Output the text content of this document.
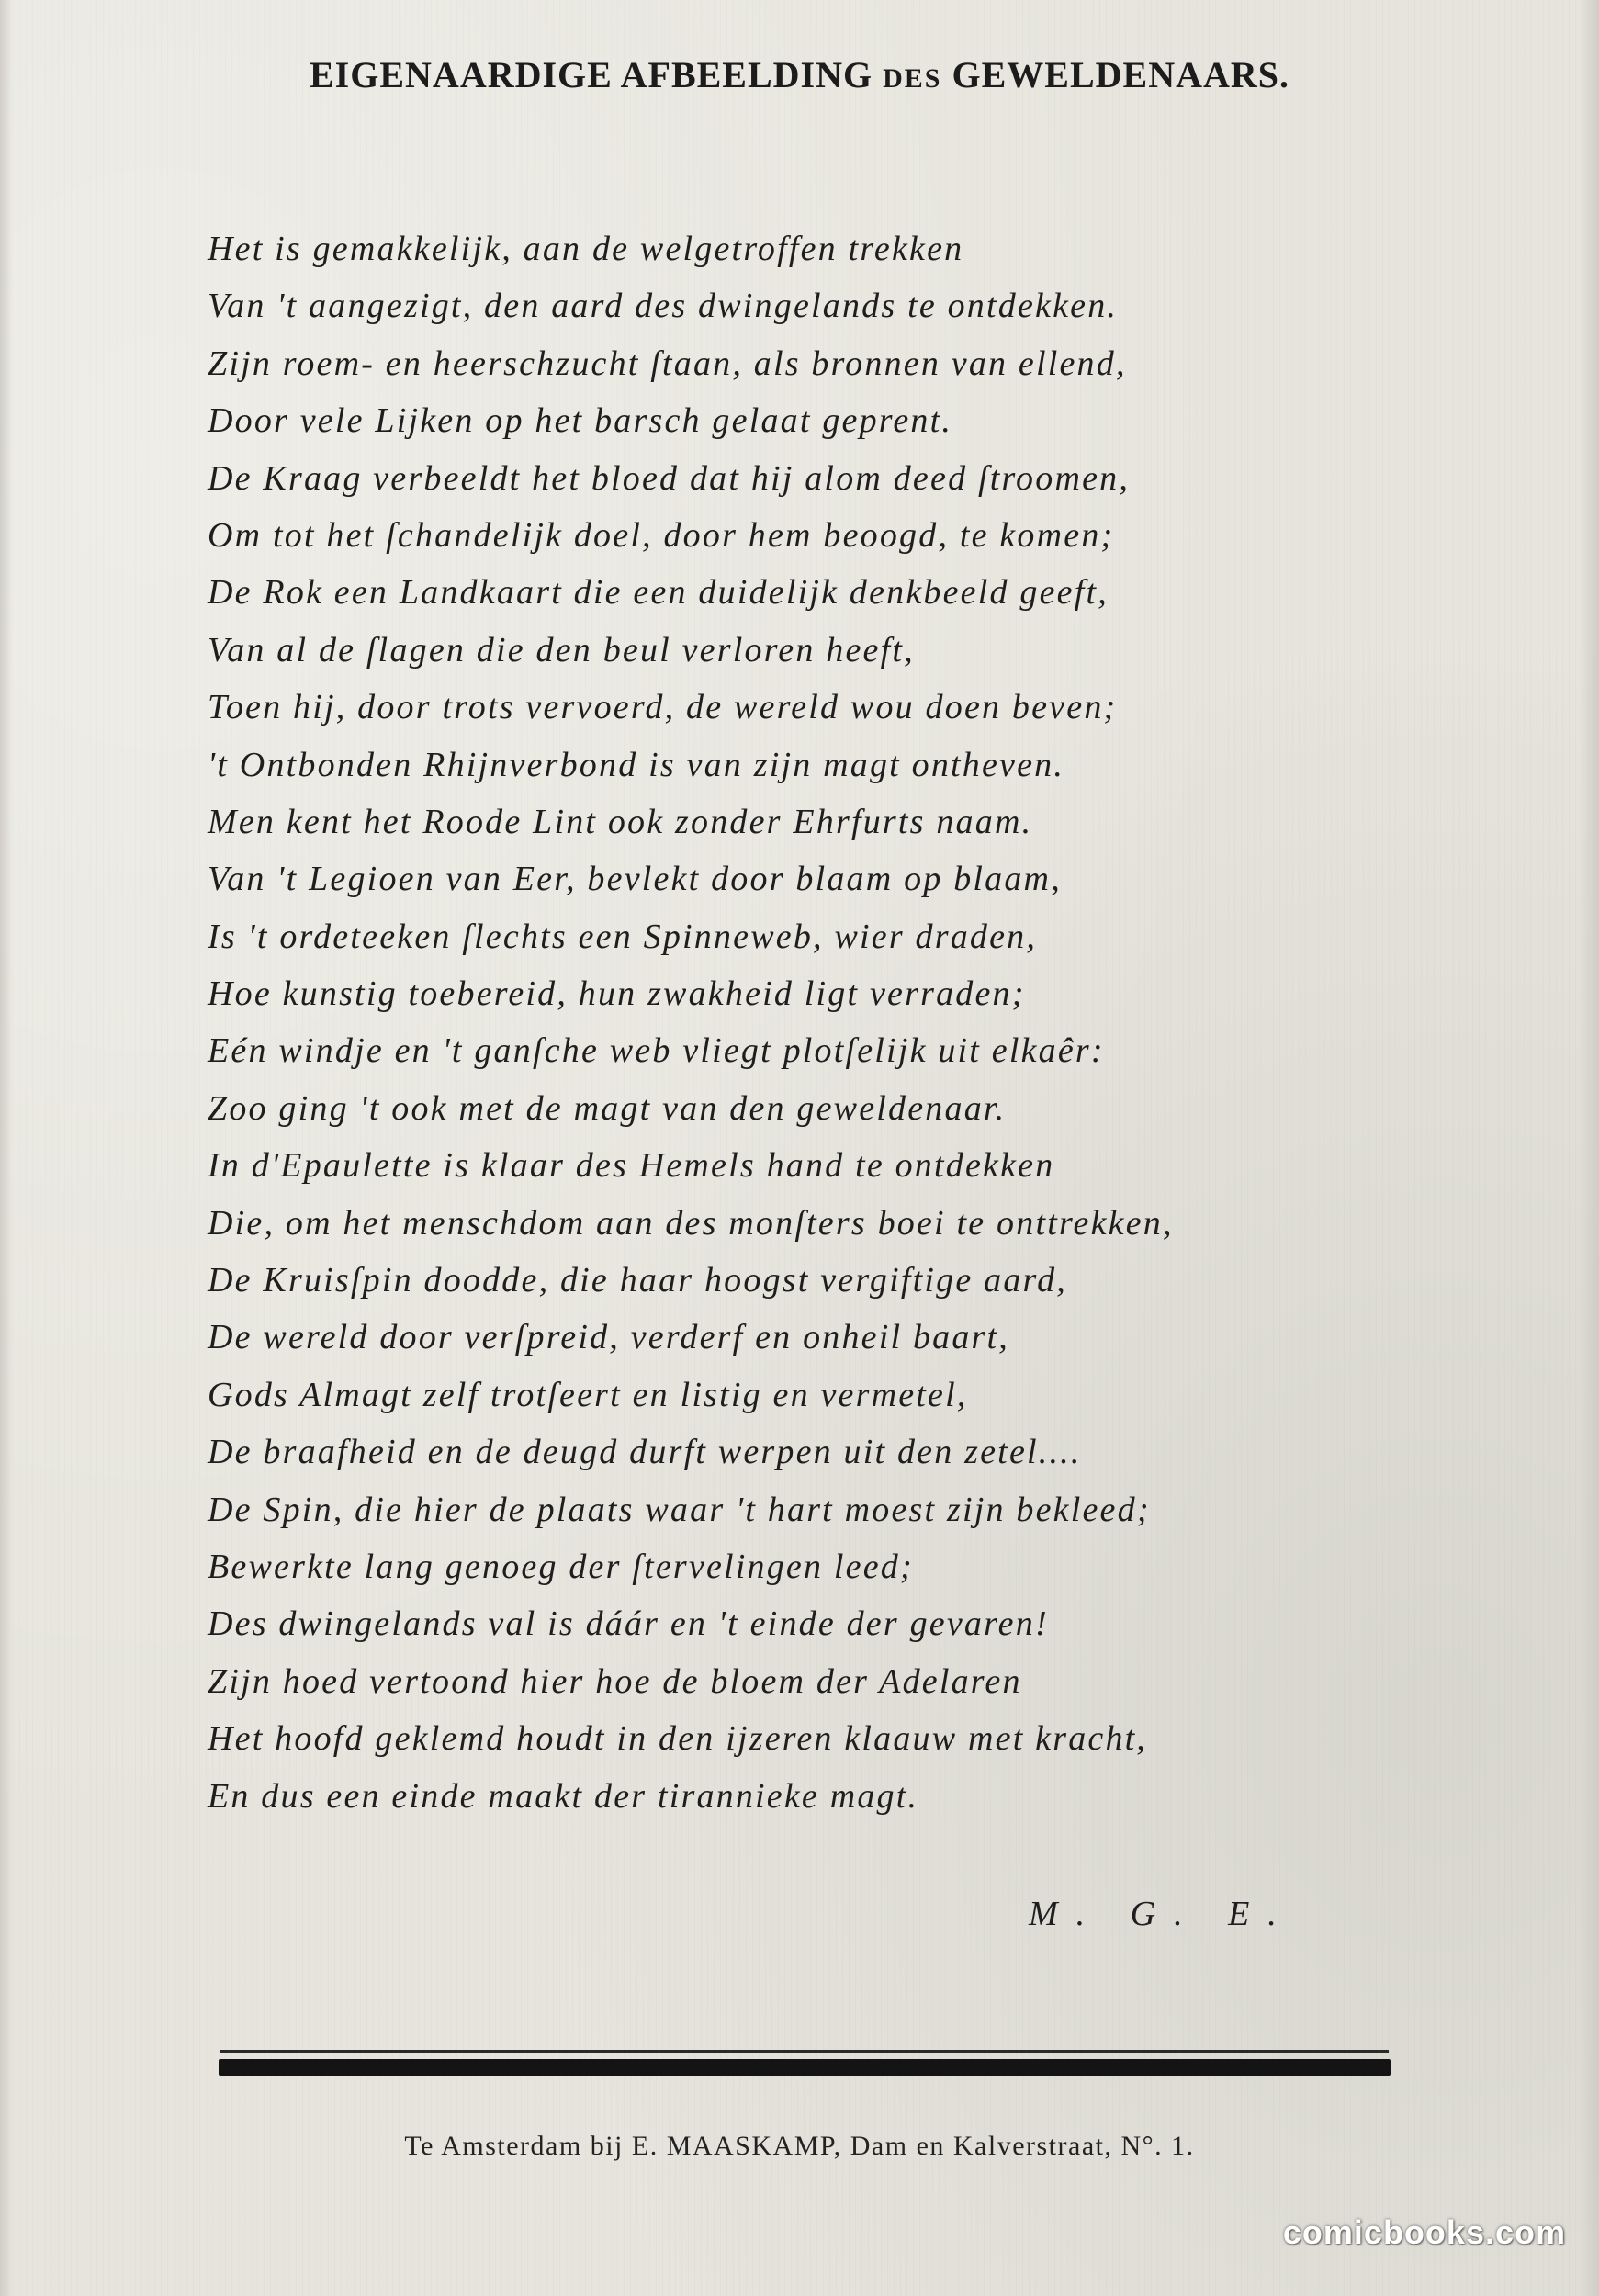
EIGENAARDIGE AFBEELDING DES GEWELDENAARS.
Het is gemakkelijk, aan de welgetroffen trekken
Van 't aangezigt, den aard des dwingelands te ontdekken.
Zijn roem- en heerschzucht ſtaan, als bronnen van ellend,
Door vele Lijken op het barsch gelaat geprent.
De Kraag verbeeldt het bloed dat hij alom deed ſtroomen,
Om tot het ſchandelijk doel, door hem beoogd, te komen;
De Rok een Landkaart die een duidelijk denkbeeld geeft,
Van al de ſlagen die den beul verloren heeft,
Toen hij, door trots vervoerd, de wereld wou doen beven;
't Ontbonden Rhijnverbond is van zijn magt ontheven.
Men kent het Roode Lint ook zonder Ehrfurts naam.
Van 't Legioen van Eer, bevlekt door blaam op blaam,
Is 't ordeteeken ſlechts een Spinneweb, wier draden,
Hoe kunstig toebereid, hun zwakheid ligt verraden;
Eén windje en 't ganſche web vliegt plotſelijk uit elkaêr:
Zoo ging 't ook met de magt van den geweldenaar.
In d'Epaulette is klaar des Hemels hand te ontdekken
Die, om het menschdom aan des monſters boei te onttrekken,
De Kruisſpin doodde, die haar hoogst vergiftige aard,
De wereld door verſpreid, verderf en onheil baart,
Gods Almagt zelf trotſeert en listig en vermetel,
De braafheid en de deugd durft werpen uit den zetel....
De Spin, die hier de plaats waar 't hart moest zijn bekleed;
Bewerkte lang genoeg der ſtervelingen leed;
Des dwingelands val is dáár en 't einde der gevaren!
Zijn hoed vertoond hier hoe de bloem der Adelaren
Het hoofd geklemd houdt in den ijzeren klaauw met kracht,
En dus een einde maakt der tirannieke magt.
M. G. E.
Te Amsterdam bij E. MAASKAMP, Dam en Kalverstraat, N°. 1.
comicbooks.com
